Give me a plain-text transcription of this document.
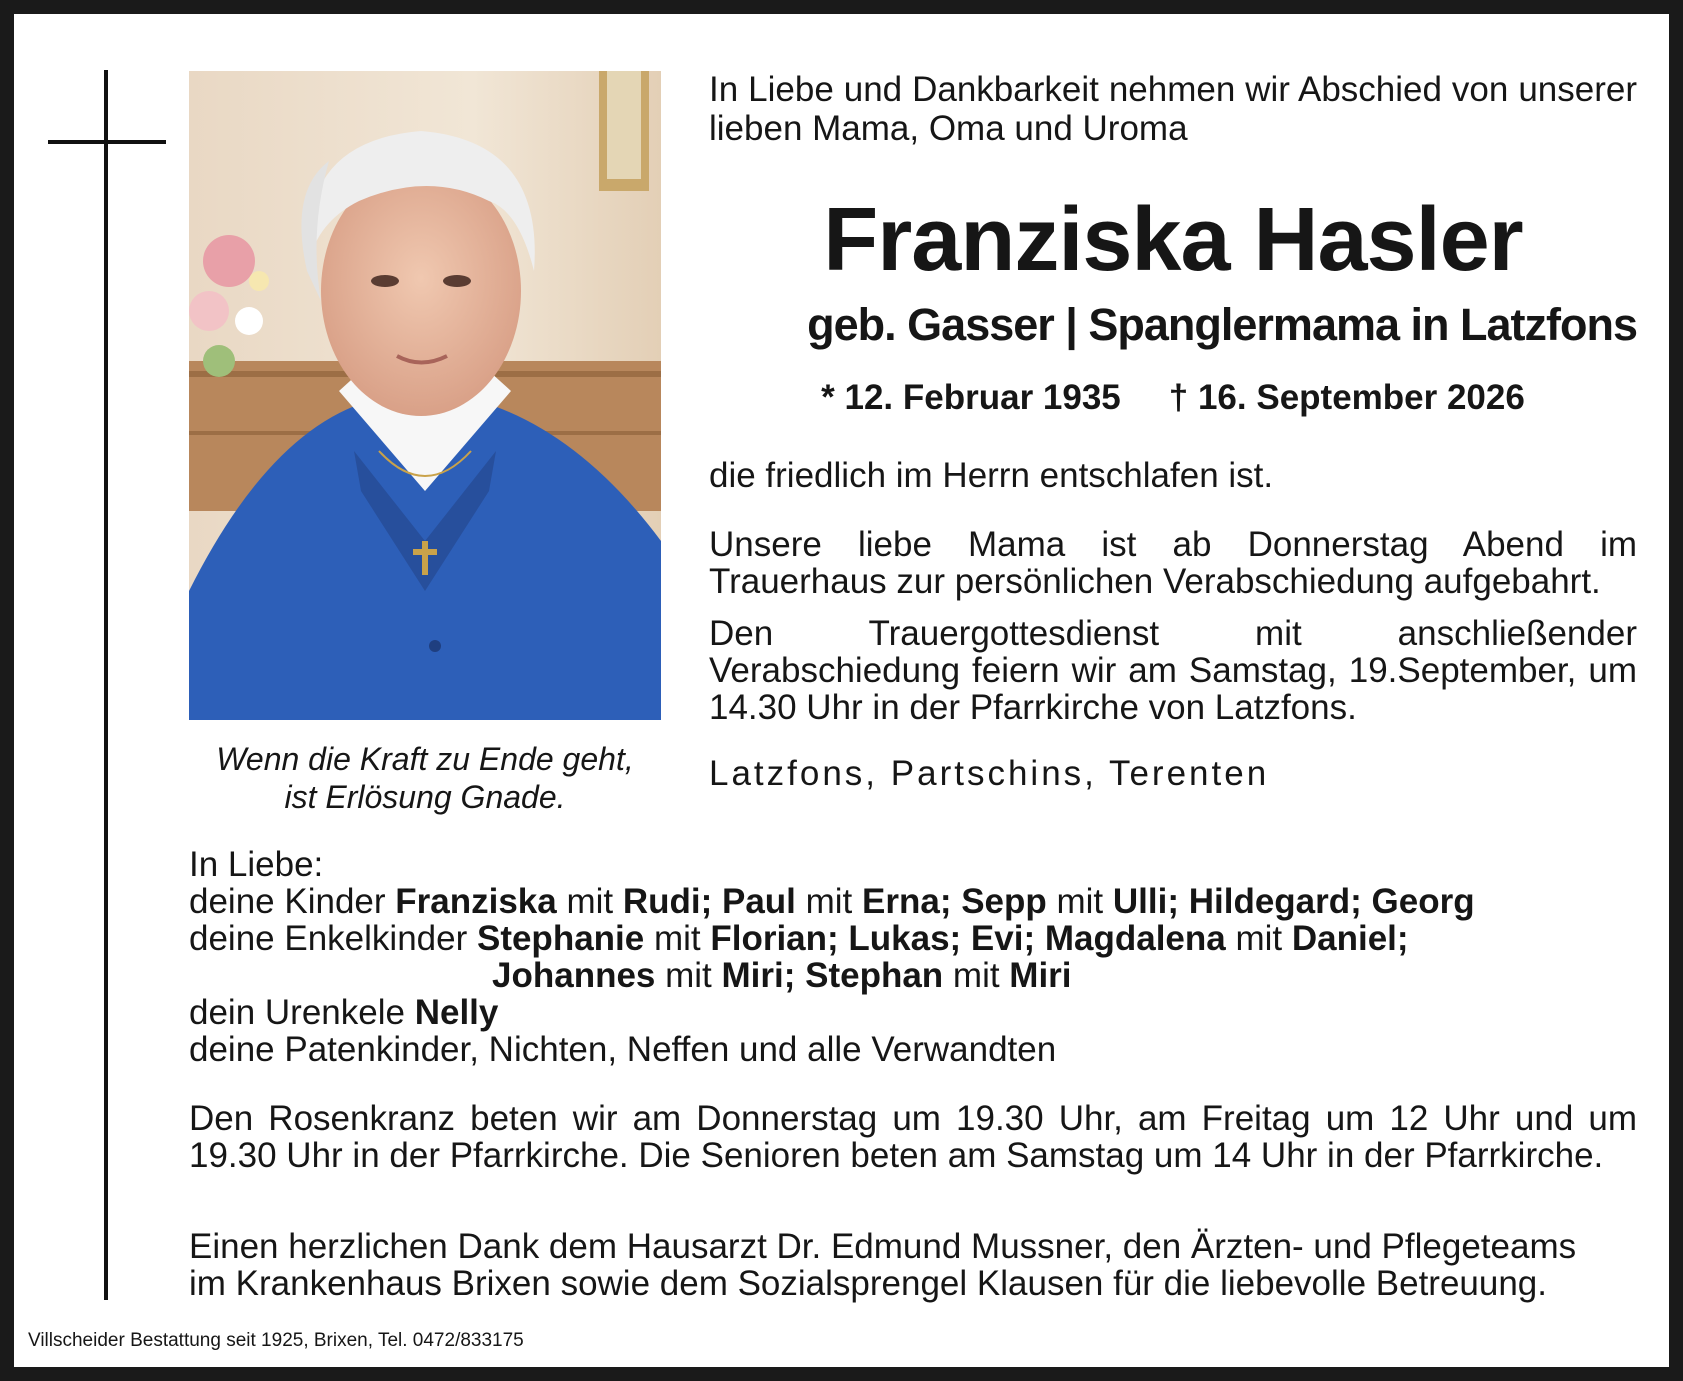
Wenn die Kraft zu Ende geht,
ist Erlösung Gnade.
In Liebe und Dankbarkeit nehmen wir Abschied von unserer lieben Mama, Oma und Uroma
Franziska Hasler
geb. Gasser | Spanglermama in Latzfons
* 12. Februar 1935 † 16. September 2026
die friedlich im Herrn entschlafen ist.
Unsere liebe Mama ist ab Donnerstag Abend im Trauerhaus zur persönlichen Verabschiedung aufgebahrt.
Den Trauergottesdienst mit anschließender Verabschiedung feiern wir am Samstag, 19.September, um 14.30 Uhr in der Pfarrkirche von Latzfons.
Latzfons, Partschins, Terenten
In Liebe:
deine Kinder Franziska mit Rudi; Paul mit Erna; Sepp mit Ulli; Hildegard; Georg
deine Enkelkinder Stephanie mit Florian; Lukas; Evi; Magdalena mit Daniel;
Johannes mit Miri; Stephan mit Miri
dein Urenkele Nelly
deine Patenkinder, Nichten, Neffen und alle Verwandten
Den Rosenkranz beten wir am Donnerstag um 19.30 Uhr, am Freitag um 12 Uhr und um 19.30 Uhr in der Pfarrkirche. Die Senioren beten am Samstag um 14 Uhr in der Pfarrkirche.
Einen herzlichen Dank dem Hausarzt Dr. Edmund Mussner, den Ärzten- und Pflegeteams
im Krankenhaus Brixen sowie dem Sozialsprengel Klausen für die liebevolle Betreuung.
Villscheider Bestattung seit 1925, Brixen, Tel. 0472/833175
